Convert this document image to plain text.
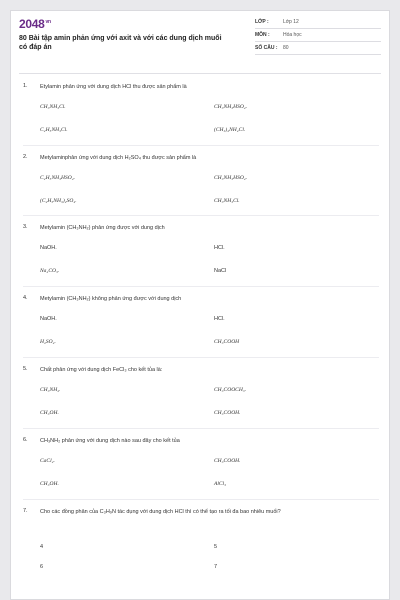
$2048^{vn}$
80 Bài tập amin phản ứng với axit và với các dung dịch muối có đáp án
LỚP :	Lớp 12
MÔN :	Hóa học
SỐ CÂU : 80
1. Etylamin phản ứng với dung dịch HCl thu được sản phẩm là
CH₃NH₃Cl.	CH₃NH₃HSO₄.
C₂H₅NH₃Cl.	(CH₃)₂NH₂Cl.
2. Metylaminphản ứng với dung dịch H₂SO₄ thu được sản phẩm là
C₂H₅NH₃HSO₄.	CH₃NH₃HSO₄.
(C₂H₅NH₃)₂SO₄.	CH₃NH₃Cl.
3. Metylamin (CH₃NH₂) phản ứng được với dung dịch
NaOH.	HCl.
Na₂CO₃.	NaCl
4. Metylamin (CH₃NH₂) không phản ứng được với dung dịch
NaOH.	HCl.
H₂SO₄.	CH₃COOH
5. Chất phản ứng với dung dịch FeCl₃ cho kết tủa là:
CH₃NH₂.	CH₃COOCH₃.
CH₃OH.	CH₃COOH.
6. CH₃NH₂ phản ứng với dung dịch nào sau đây cho kết tủa
CaCl₂.	CH₃COOH.
CH₃OH.	AlCl₃
7. Cho các đồng phân của C₃H₉N tác dụng với dung dịch HCl thì có thể tạo ra tối đa bao nhiêu muối?
4	5
6	7
